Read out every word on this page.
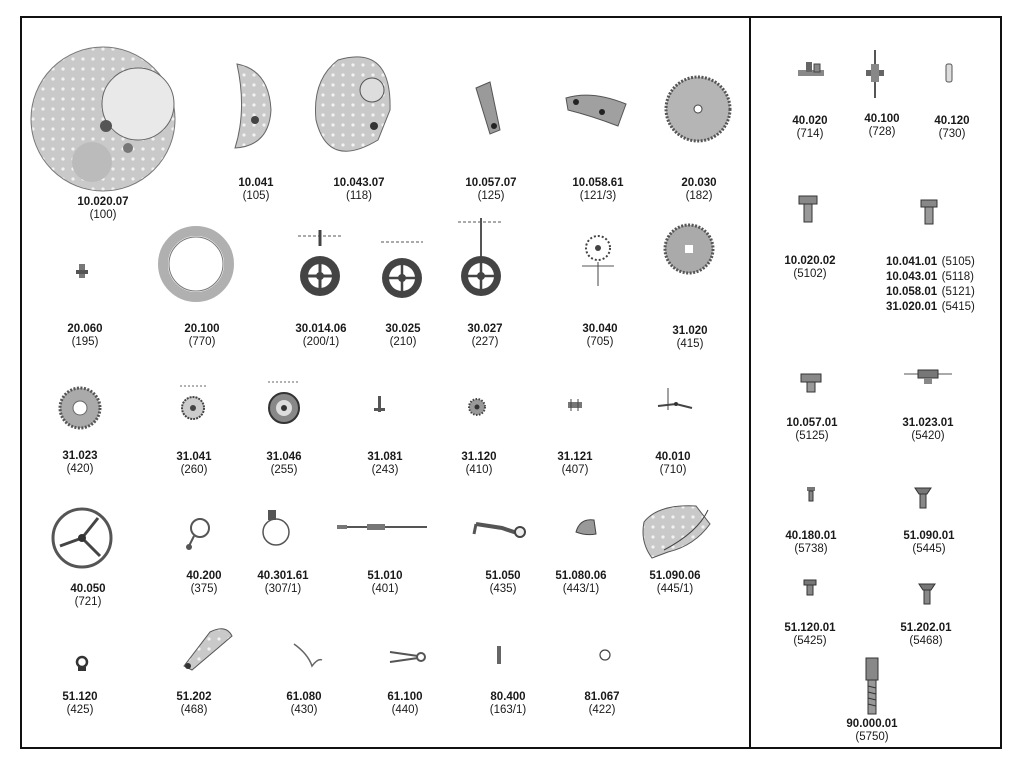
10.020.07
(100)
10.041
(105)
10.043.07
(118)
10.057.07
(125)
10.058.61
(121/3)
20.030
(182)
20.060
(195)
20.100
(770)
30.014.06
(200/1)
30.025
(210)
30.027
(227)
30.040
(705)
31.020
(415)
31.023
(420)
31.041
(260)
31.046
(255)
31.081
(243)
31.120
(410)
31.121
(407)
40.010
(710)
40.050
(721)
40.200
(375)
40.301.61
(307/1)
51.010
(401)
51.050
(435)
51.080.06
(443/1)
51.090.06
(445/1)
51.120
(425)
51.202
(468)
61.080
(430)
61.100
(440)
80.400
(163/1)
81.067
(422)
40.020
(714)
40.100
(728)
40.120
(730)
10.020.02
(5102)
10.041.01 (5105)
10.043.01 (5118)
10.058.01 (5121)
31.020.01 (5415)
10.057.01
(5125)
31.023.01
(5420)
40.180.01
(5738)
51.090.01
(5445)
51.120.01
(5425)
51.202.01
(5468)
90.000.01
(5750)
